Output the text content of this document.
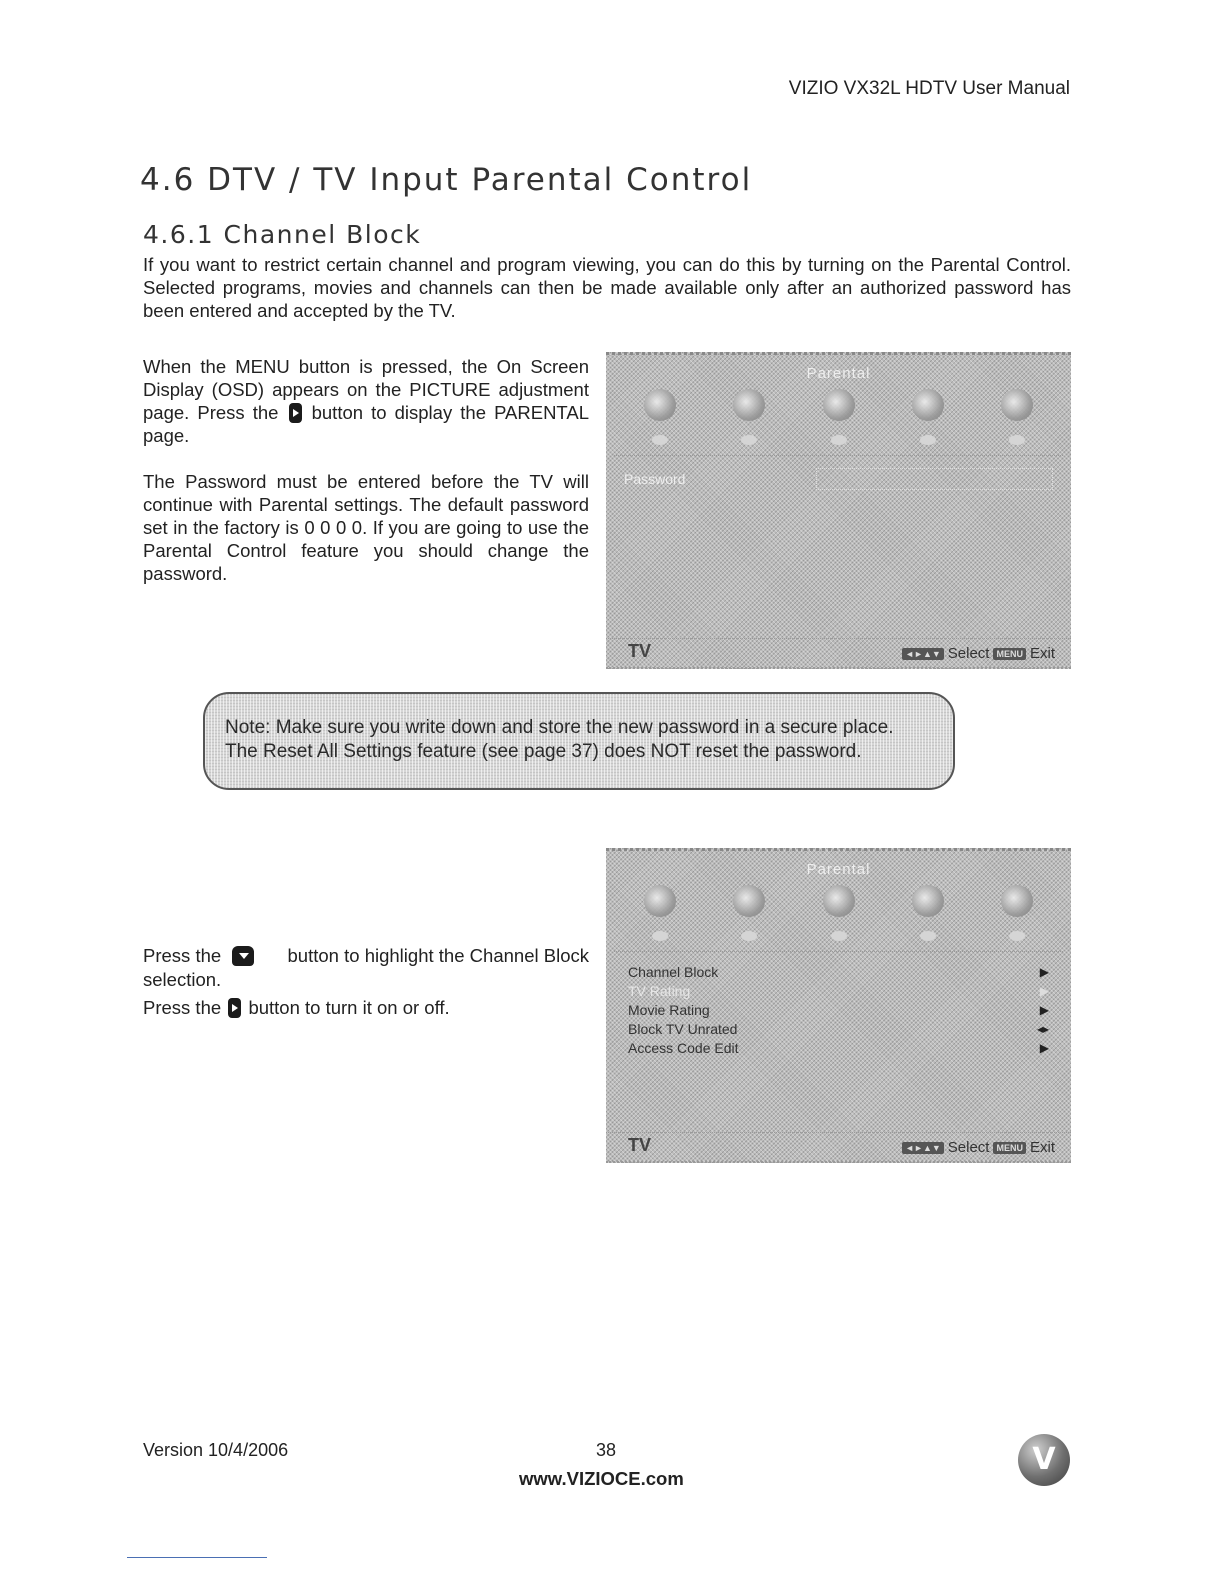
VIZIO VX32L HDTV User Manual
4.6 DTV / TV Input Parental Control
4.6.1 Channel Block
If you want to restrict certain channel and program viewing, you can do this by turning on the Parental Control. Selected programs, movies and channels can then be made available only after an authorized password has been entered and accepted by the TV.

When the MENU button is pressed, the On Screen Display (OSD) appears on the PICTURE adjustment page. Press the button to display the PARENTAL page.

The Password must be entered before the TV will continue with Parental settings. The default password set in the factory is 0 0 0 0. If you are going to use the Parental Control feature you should change the password.

Parental
Password
TV	◄►▲▼ Select MENU Exit
Note: Make sure you write down and store the new password in a secure place.
The Reset All Settings feature (see page 37) does NOT reset the password.

Press the	button to highlight the Channel Block selection.

Press the button to turn it on or off.

Parental
Channel Block	▶
TV Rating	▶
Movie Rating	▶
Block TV Unrated	◂▸
Access Code Edit	▶
TV	◄►▲▼ Select MENU Exit
Version 10/4/2006	38
www.VIZIOCE.com
V
